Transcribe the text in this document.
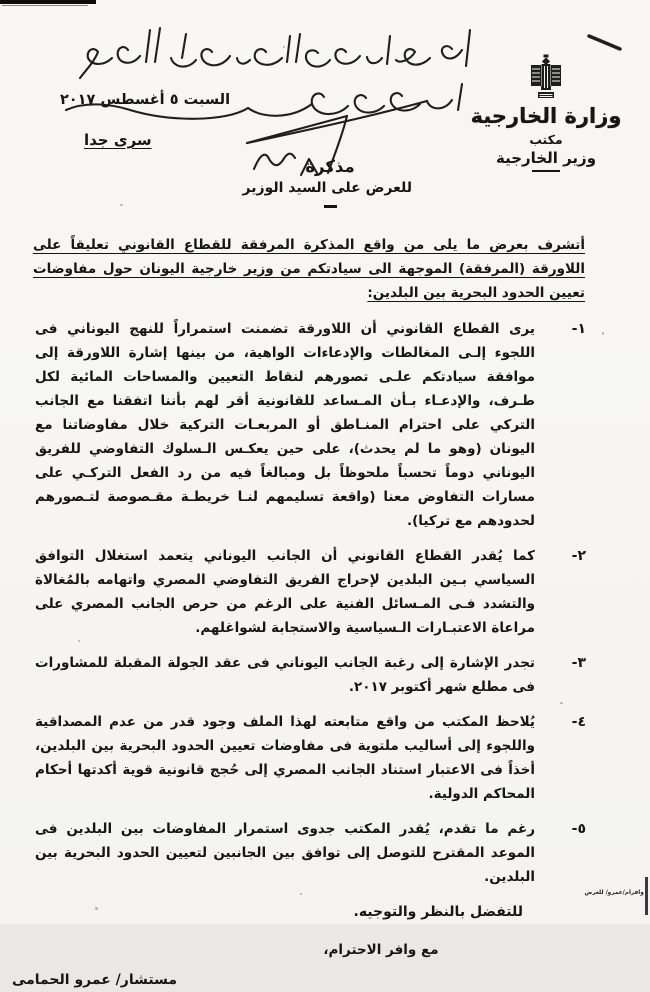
وزارة الخارجية
مكتب
وزير الخارجية
السبت ٥ أغسطس ٢٠١٧
سرى جدا
مذكرة
للعرض على السيد الوزير

أتشرف بعرض ما يلى من واقع المذكرة المرفقة للقطاع القانوني تعليقاً على اللاورقة (المرفقة) الموجهة الى سيادتكم من وزير خارجية اليونان حول مفاوضات تعيين الحدود البحرية بين البلدين:

١-
يرى القطاع القانوني أن اللاورقة تضمنت استمراراً للنهج اليوناني فى اللجوء إلـى المغالطات والإدعاءات الواهية، من بينها إشارة اللاورقة إلى موافقة سيادتكم علـى تصورهم لنقاط التعيين والمساحات المائية لكل طـرف، والإدعـاء بـأن المـساعد للقانونية أقر لهم بأننا اتفقنا مع الجانب التركي على احترام المنـاطق أو المربعـات التركية خلال مفاوضاتنا مع اليونان (وهو ما لم يحدث)، على حين يعكـس الـسلوك التفاوضي للفريق اليوناني دوماً تحسباً ملحوظاً بل ومبالغاً فيه من رد الفعل التركـي على مسارات التفاوض معنا (واقعة تسليمهم لنـا خريطـة مقـصوصة لتـصورهم لحدودهم مع تركيا).
٢-
كما يُقدر القطاع القانوني أن الجانب اليوناني يتعمد استغلال التوافق السياسي بـين البلدين لإحراج الفريق التفاوضي المصري واتهامه بالمُغالاة والتشدد فـى المـسائل الفنية على الرغم من حرص الجانب المصري على مراعاة الاعتبـارات الـسياسية والاستجابة لشواغلهم.
٣-
تجدر الإشارة إلى رغبة الجانب اليوناني فى عقد الجولة المقبلة للمشاورات فى مطلع شهر أكتوبر ٢٠١٧.
٤-
يُلاحظ المكتب من واقع متابعته لهذا الملف وجود قدر من عدم المصداقية واللجوء إلى أساليب ملتوية فى مفاوضات تعيين الحدود البحرية بين البلدين، أخذاً فى الاعتبار استناد الجانب المصري إلى حُجج قانونية قوية أكدتها أحكام المحاكم الدولية.
٥-
رغم ما تقدم، يُقدر المكتب جدوى استمرار المفاوضات بين البلدين فى الموعد المقترح للتوصل إلى توافق بين الجانبين لتعيين الحدود البحرية بين البلدين.
للتفضل بالنظر والتوجيه.
مع وافر الاحترام،
مستشار/ عمرو الحمامى
وافرام/عمرو/ للعرض
